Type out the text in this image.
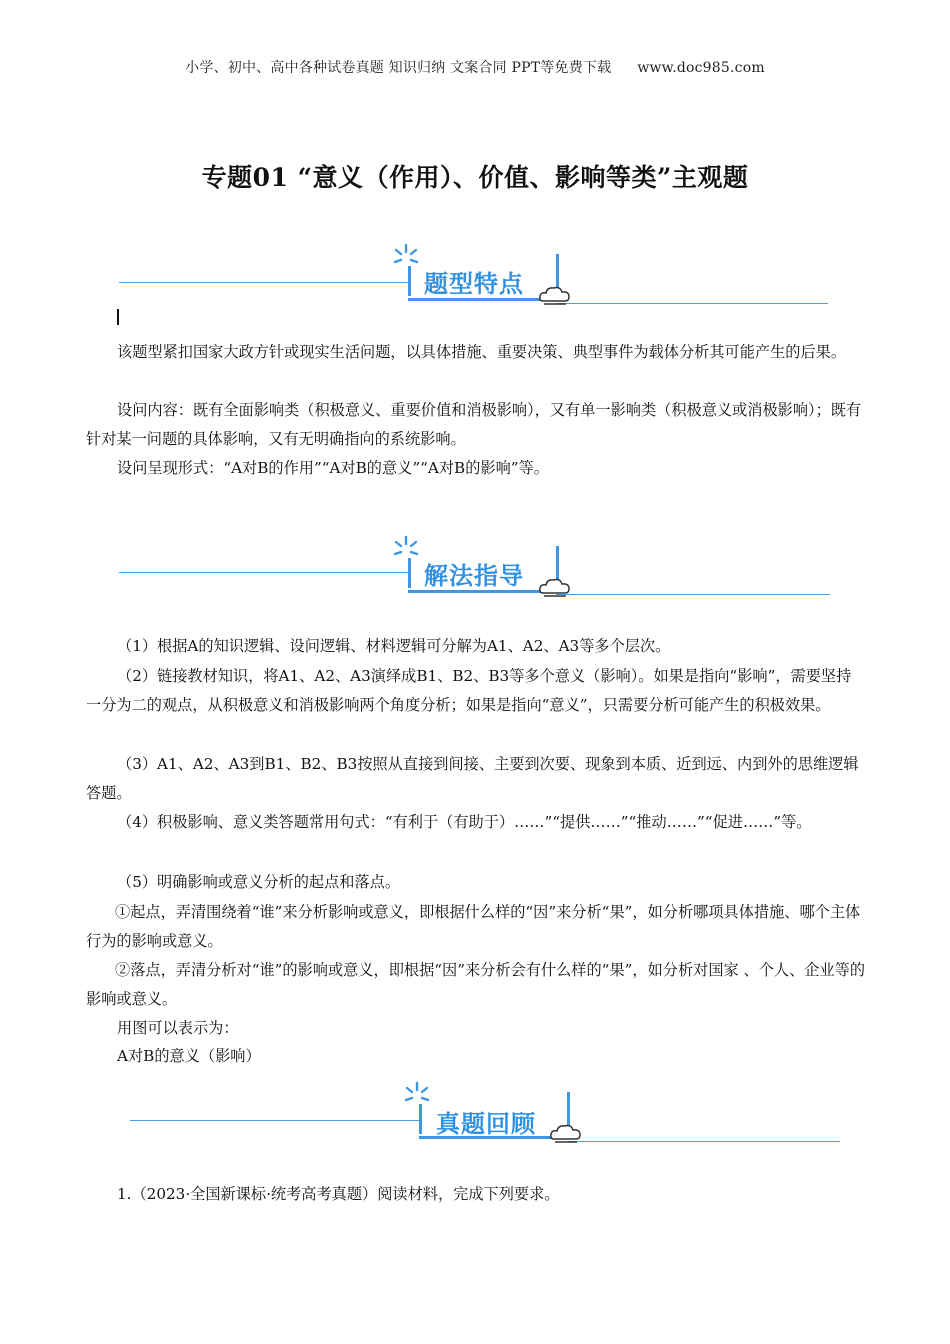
小学、初中、高中各种试卷真题 知识归纳 文案合同 PPT等免费下载 www.doc985.com
专题01 “意义（作用）、价值、影响等类”主观题
题型特点
该题型紧扣国家大政方针或现实生活问题，以具体措施、重要决策、典型事件为载体分析其可能产生的后果。
设问内容：既有全面影响类（积极意义、重要价值和消极影响），又有单一影响类（积极意义或消极影响）；既有针对某一问题的具体影响，又有无明确指向的系统影响。
设问呈现形式：“A对B的作用”“A对B的意义”“A对B的影响”等。
解法指导
（1）根据A的知识逻辑、设问逻辑、材料逻辑可分解为A1、A2、A3等多个层次。
（2）链接教材知识，将A1、A2、A3演绎成B1、B2、B3等多个意义（影响）。如果是指向“影响”，需要坚持一分为二的观点，从积极意义和消极影响两个角度分析；如果是指向“意义”，只需要分析可能产生的积极效果。
（3）A1、A2、A3到B1、B2、B3按照从直接到间接、主要到次要、现象到本质、近到远、内到外的思维逻辑答题。
（4）积极影响、意义类答题常用句式：“有利于（有助于）……”“提供……”“推动……”“促进……”等。
（5）明确影响或意义分析的起点和落点。
①起点，弄清围绕着“谁”来分析影响或意义，即根据什么样的“因”来分析“果”，如分析哪项具体措施、哪个主体行为的影响或意义。
②落点，弄清分析对“谁”的影响或意义，即根据“因”来分析会有什么样的“果”，如分析对国家 、个人、企业等的影响或意义。
用图可以表示为：
A对B的意义（影响）
真题回顾
1.（2023·全国新课标·统考高考真题）阅读材料，完成下列要求。
